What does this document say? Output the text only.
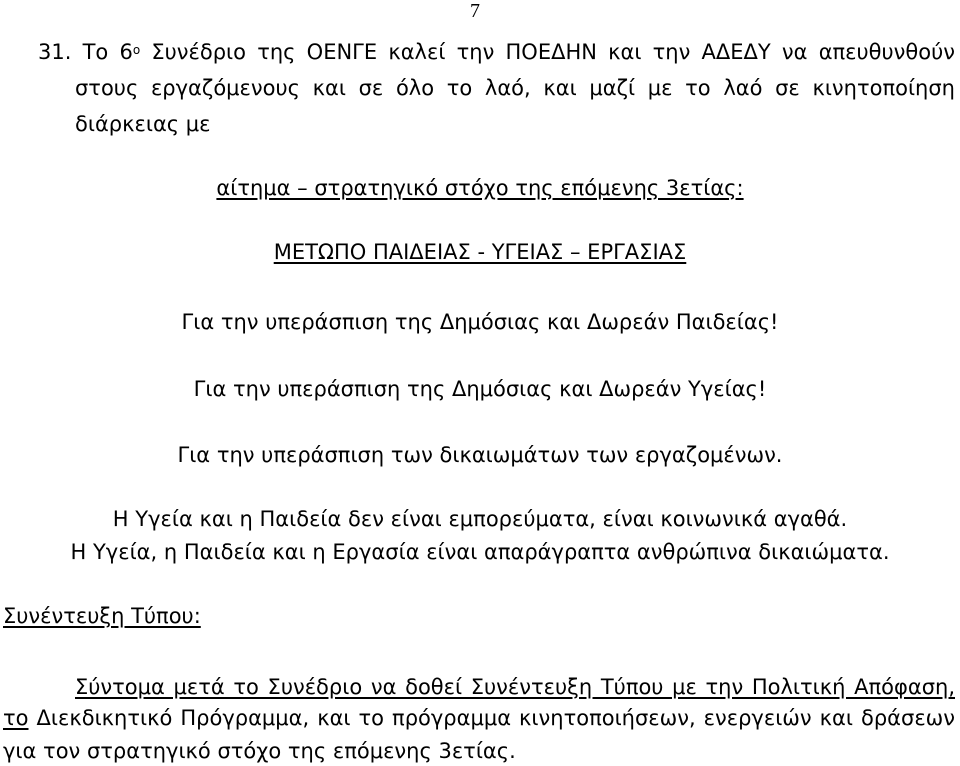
7
31. Το $6^o$ Συνέδριο της ΟΕΝΓΕ καλεί την ΠΟΕΔΗΝ και την ΑΔΕΔΥ να απευθυνθούν
στους εργαζόμενους και σε όλο το λαό, και μαζί με το λαό σε κινητοποίηση
διάρκειας με
αίτημα – στρατηγικό στόχο της επόμενης 3ετίας:
ΜΕΤΩΠΟ ΠΑΙΔΕΙΑΣ - ΥΓΕΙΑΣ – ΕΡΓΑΣΙΑΣ
Για την υπεράσπιση της Δημόσιας και Δωρεάν Παιδείας!
Για την υπεράσπιση της Δημόσιας και Δωρεάν Υγείας!
Για την υπεράσπιση των δικαιωμάτων των εργαζομένων.
Η Υγεία και η Παιδεία δεν είναι εμπορεύματα, είναι κοινωνικά αγαθά.
Η Υγεία, η Παιδεία και η Εργασία είναι απαράγραπτα ανθρώπινα δικαιώματα.
Συνέντευξη Τύπου:
Σύντομα μετά το Συνέδριο να δοθεί Συνέντευξη Τύπου με την Πολιτική Απόφαση,
το Διεκδικητικό Πρόγραμμα, και το πρόγραμμα κινητοποιήσεων, ενεργειών και δράσεων
για τον στρατηγικό στόχο της επόμενης 3ετίας.
